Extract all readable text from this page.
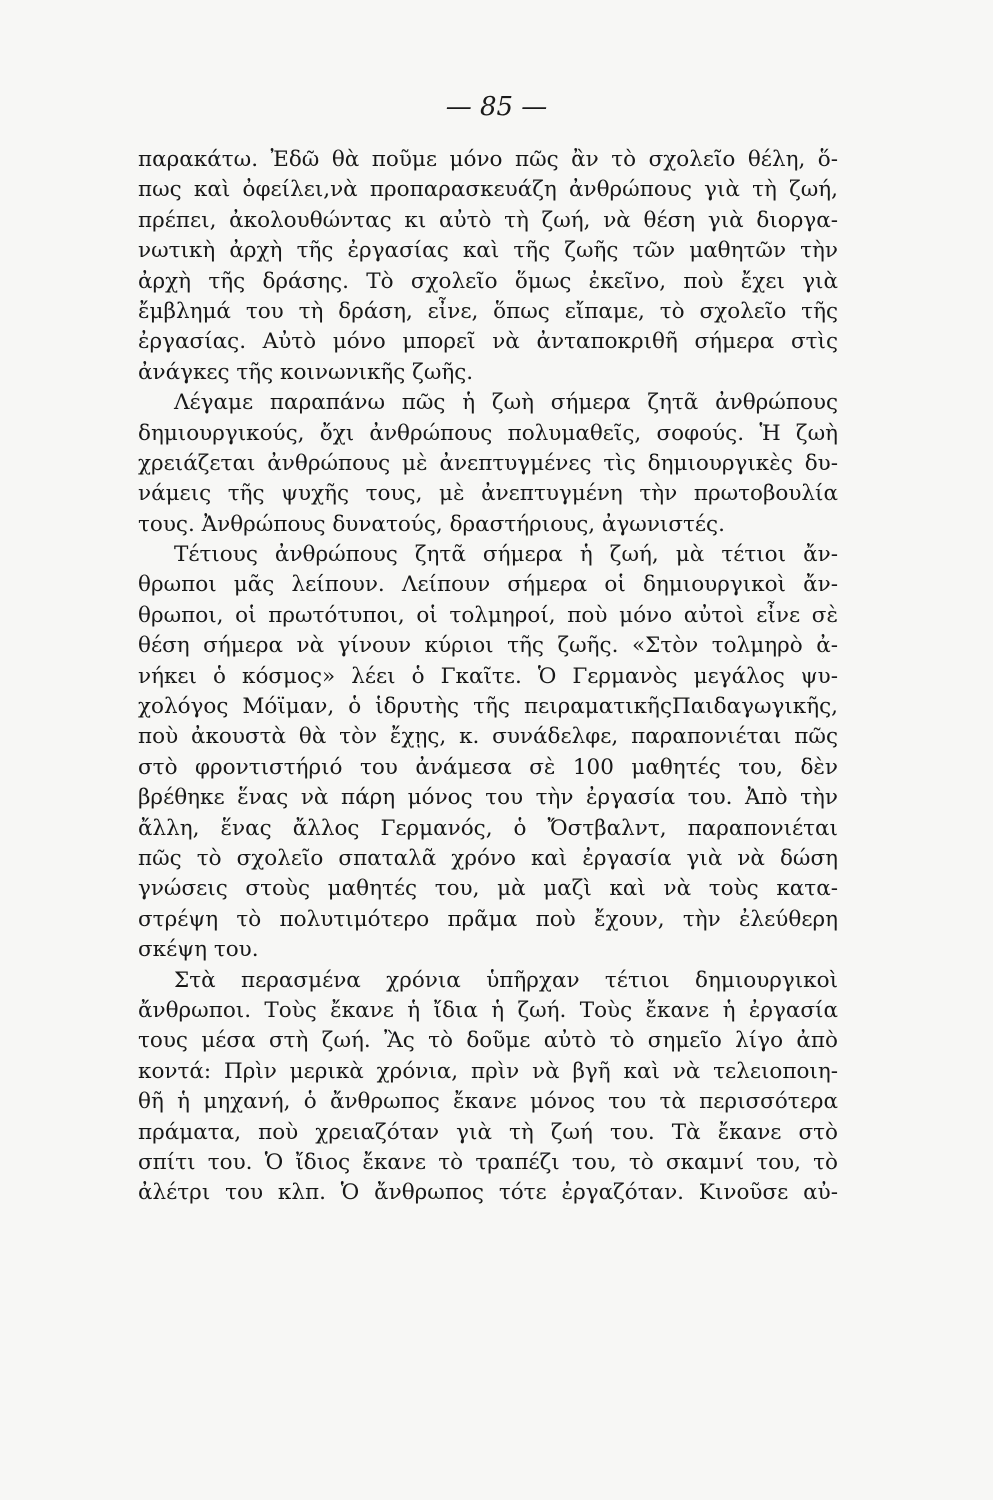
— 85 —
παρακάτω. Ἐδῶ θὰ ποῦμε μόνο πῶς ἂν τὸ σχολεῖο θέλη, ὅ-
πως καὶ ὀφείλει,νὰ προπαρασκευάζη ἀνθρώπους γιὰ τὴ ζωή,
πρέπει, ἀκολουθώντας κι αὐτὸ τὴ ζωή, νὰ θέση γιὰ διοργα-
νωτικὴ ἀρχὴ τῆς ἐργασίας καὶ τῆς ζωῆς τῶν μαθητῶν τὴν
ἀρχὴ τῆς δράσης. Τὸ σχολεῖο ὅμως ἐκεῖνο, ποὺ ἔχει γιὰ
ἔμβλημά του τὴ δράση, εἶνε, ὅπως εἴπαμε, τὸ σχολεῖο τῆς
ἐργασίας. Αὐτὸ μόνο μπορεῖ νὰ ἀνταποκριθῆ σήμερα στὶς
ἀνάγκες τῆς κοινωνικῆς ζωῆς.
Λέγαμε παραπάνω πῶς ἡ ζωὴ σήμερα ζητᾶ ἀνθρώπους
δημιουργικούς, ὄχι ἀνθρώπους πολυμαθεῖς, σοφούς. Ἡ ζωὴ
χρειάζεται ἀνθρώπους μὲ ἀνεπτυγμένες τὶς δημιουργικὲς δυ-
νάμεις τῆς ψυχῆς τους, μὲ ἀνεπτυγμένη τὴν πρωτοβουλία
τους. Ἀνθρώπους δυνατούς, δραστήριους, ἀγωνιστές.
Τέτιους ἀνθρώπους ζητᾶ σήμερα ἡ ζωή, μὰ τέτιοι ἄν-
θρωποι μᾶς λείπουν. Λείπουν σήμερα οἱ δημιουργικοὶ ἄν-
θρωποι, οἱ πρωτότυποι, οἱ τολμηροί, ποὺ μόνο αὐτοὶ εἶνε σὲ
θέση σήμερα νὰ γίνουν κύριοι τῆς ζωῆς. «Στὸν τολμηρὸ ἀ-
νήκει ὁ κόσμος» λέει ὁ Γκαῖτε. Ὁ Γερμανὸς μεγάλος ψυ-
χολόγος Μόϊμαν, ὁ ἱδρυτὴς τῆς πειραματικῆςΠαιδαγωγικῆς,
ποὺ ἀκουστὰ θὰ τὸν ἔχῃς, κ. συνάδελφε, παραπονιέται πῶς
στὸ φροντιστήριό του ἀνάμεσα σὲ 100 μαθητές του, δὲν
βρέθηκε ἕνας νὰ πάρη μόνος του τὴν ἐργασία του. Ἀπὸ τὴν
ἄλλη, ἕνας ἄλλος Γερμανός, ὁ Ὄστβαλντ, παραπονιέται
πῶς τὸ σχολεῖο σπαταλᾶ χρόνο καὶ ἐργασία γιὰ νὰ δώση
γνώσεις στοὺς μαθητές του, μὰ μαζὶ καὶ νὰ τοὺς κατα-
στρέψη τὸ πολυτιμότερο πρᾶμα ποὺ ἔχουν, τὴν ἐλεύθερη
σκέψη του.
Στὰ περασμένα χρόνια ὑπῆρχαν τέτιοι δημιουργικοὶ
ἄνθρωποι. Τοὺς ἔκανε ἡ ἴδια ἡ ζωή. Τοὺς ἔκανε ἡ ἐργασία
τους μέσα στὴ ζωή. Ἂς τὸ δοῦμε αὐτὸ τὸ σημεῖο λίγο ἀπὸ
κοντά: Πρὶν μερικὰ χρόνια, πρὶν νὰ βγῆ καὶ νὰ τελειοποιη-
θῆ ἡ μηχανή, ὁ ἄνθρωπος ἔκανε μόνος του τὰ περισσότερα
πράματα, ποὺ χρειαζόταν γιὰ τὴ ζωή του. Τὰ ἔκανε στὸ
σπίτι του. Ὁ ἴδιος ἔκανε τὸ τραπέζι του, τὸ σκαμνί του, τὸ
ἀλέτρι του κλπ. Ὁ ἄνθρωπος τότε ἐργαζόταν. Κινοῦσε αὐ-
